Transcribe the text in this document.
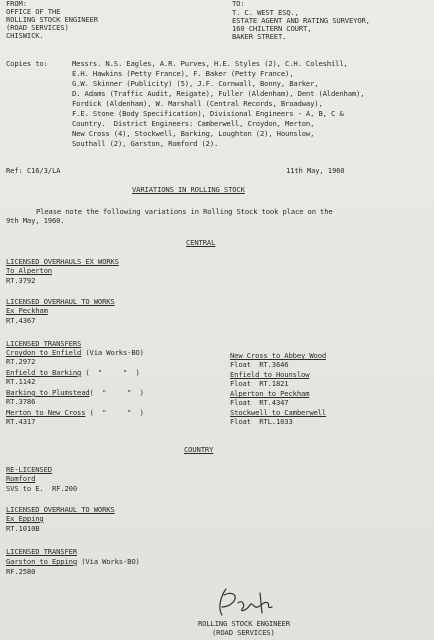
FROM:
OFFICE OF THE
ROLLING STOCK ENGINEER
(ROAD SERVICES)
CHISWICK.
TO:
T. C. WEST ESQ.,
ESTATE AGENT AND RATING SURVEYOR,
160 CHILTERN COURT,
BAKER STREET.
Copies to:	Messrs. N.S. Eagles, A.R. Purves, H.E. Styles (2), C.H. Coleshill,
E.H. Hawkins (Petty France), F. Baker (Petty France),
G.W. Skinner (Publicity) (5), J.F. Cornwall, Bonny, Barker,
D. Adams (Traffic Audit, Reigate), Fuller (Aldenham), Dent (Aldenham),
Fordick (Aldenham), W. Marshall (Central Records, Broadway),
F.E. Stone (Body Specification), Divisional Engineers - A, B, C &
Country.  District Engineers: Camberwell, Croydon, Merton,
New Cross (4), Stockwell, Barking, Loughton (2), Hounslow,
Southall (2), Garston, Romford (2).
Ref: C16/3/LA	11th May, 1960
VARIATIONS IN ROLLING STOCK
Please note the following variations in Rolling Stock took place on the
9th May, 1960.
CENTRAL
LICENSED OVERHAULS EX WORKS
To Alperton
RT.3792
LICENSED OVERHAUL TO WORKS
Ex Peckham
RT.4367
LICENSED TRANSFERS
Croydon to Enfield (Via Works-BO)
RT.2972
Enfield to Barking (  "     "  )
RT.1142
Barking to Plumstead(  "     "  )
RT.3786
Merton to New Cross (  "     "  )
RT.4317
New Cross to Abbey Wood
Float  RT.3646
Enfield to Hounslow
Float  RT.1821
Alperton to Peckham
Float  RT.4347
Stockwell to Camberwell
Float  RTL.1033
COUNTRY
RE-LICENSED
Romford
SVS to E.  RF.200
LICENSED OVERHAUL TO WORKS
Ex Epping
RT.1010B
LICENSED TRANSFER
Garston to Epping (Via Works-BO)
RF.2580
ROLLING STOCK ENGINEER
(ROAD SERVICES)
